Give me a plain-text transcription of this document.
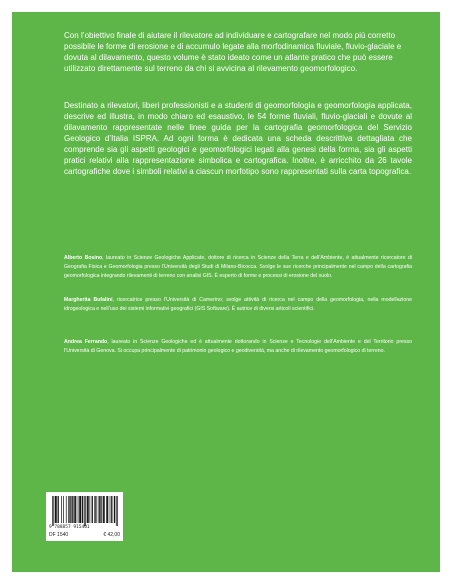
Con l’obiettivo finale di aiutare il rilevatore ad individuare e cartografare nel modo più corretto possibile le forme di erosione e di accumulo legate alla morfodinamica fluviale, fluvio-glaciale e dovuta al dilavamento, questo volume è stato ideato come un atlante pratico che può essere utilizzato direttamente sul terreno da chi si avvicina al rilevamento geomorfologico.

Destinato a rilevatori, liberi professionisti e a studenti di geomorfologia e geomorfologia applicata, descrive ed illustra, in modo chiaro ed esaustivo, le 54 forme fluviali, fluvio-glaciali e dovute al dilavamento rappresentate nelle linee guida per la cartografia geomorfologica del Servizio Geologico d’Italia ISPRA. Ad ogni forma è dedicata una scheda descrittiva dettagliata che comprende sia gli aspetti geologici e geomorfologici legati alla genesi della forma, sia gli aspetti pratici relativi alla rappresentazione simbolica e cartografica. Inoltre, è arricchito da 26 tavole cartografiche dove i simboli relativi a ciascun morfotipo sono rappresentati sulla carta topografica.

Alberto Bosino, laureato in Scienze Geologiche Applicate, dottore di ricerca in Scienze della Terra e dell’Ambiente, è attualmente ricercatore di Geografia Fisica e Geomorfologia presso l’Università degli Studi di Milano-Bicocca. Svolge le sue ricerche principalmente nel campo della cartografia geomorfologica integrando rilevamenti di terreno con analisi GIS. È esperto di forme e processi di erosione del suolo.

Margherita Bufalini, ricercatrice presso l’Università di Camerino; svolge attività di ricerca nel campo della geomorfologia, nella modellazione idrogeologica e nell’uso dei sistemi informativi geografici (GIS Software). È autrice di diversi articoli scientifici.

Andrea Ferrando, laureato in Scienze Geologiche ed è attualmente dottorando in Scienze e Tecnologie dell’Ambiente e del Territorio presso l’Università di Genova. Si occupa principalmente di patrimonio geologico e geodiversità, ma anche di rilevamento geomorfologico di terreno.

9 788857 915401
DF 1540	€ 42,00
